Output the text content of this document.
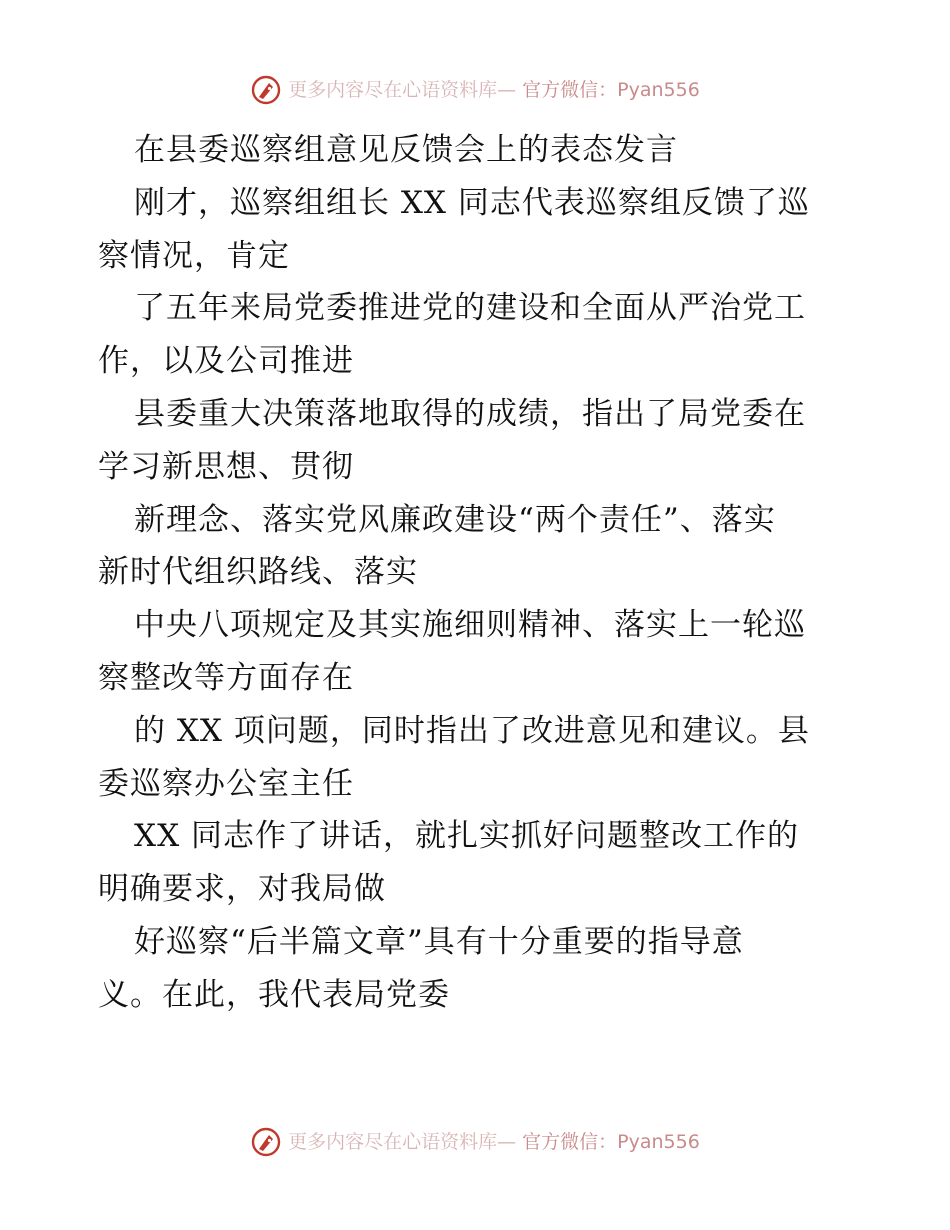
更多内容尽在心语资料库— 官方微信：Pyan556

在县委巡察组意见反馈会上的表态发言

刚才，巡察组组长 XX 同志代表巡察组反馈了巡

察情况，肯定

了五年来局党委推进党的建设和全面从严治党工

作，以及公司推进

县委重大决策落地取得的成绩，指出了局党委在

学习新思想、贯彻

新理念、落实党风廉政建设“两个责任”、落实

新时代组织路线、落实

中央八项规定及其实施细则精神、落实上一轮巡

察整改等方面存在

的 XX 项问题，同时指出了改进意见和建议。县

委巡察办公室主任

XX 同志作了讲话，就扎实抓好问题整改工作的

明确要求，对我局做

好巡察“后半篇文章”具有十分重要的指导意

义。在此，我代表局党委

更多内容尽在心语资料库— 官方微信：Pyan556
